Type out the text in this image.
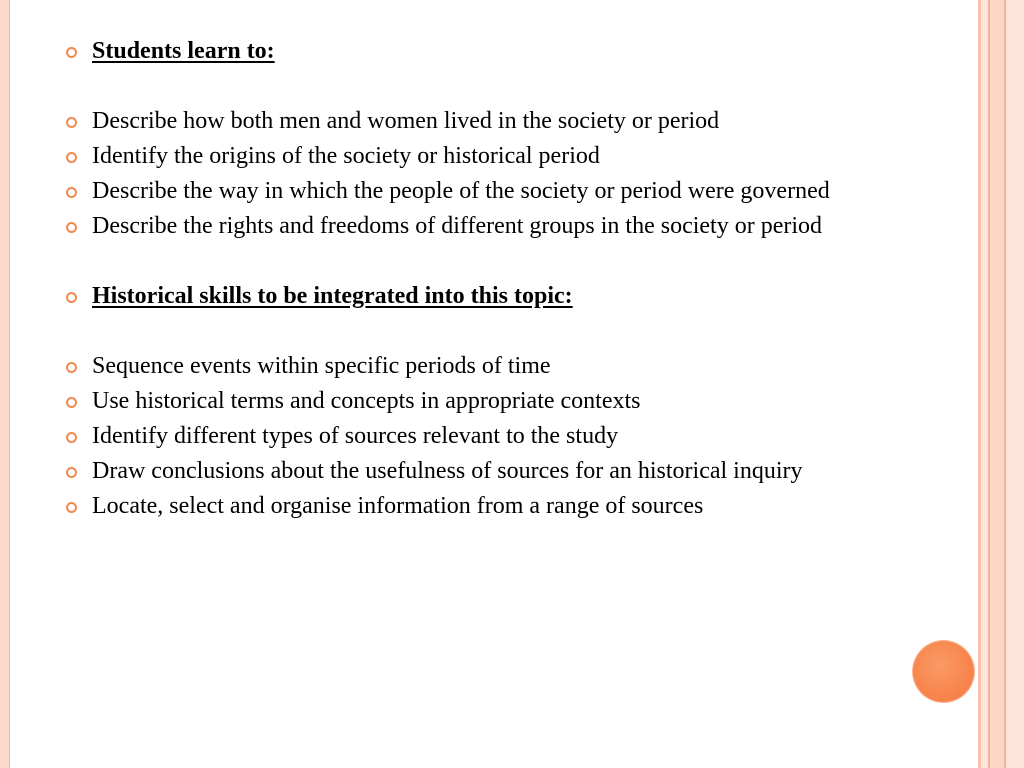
Students learn to:
Describe how both men and women lived in the society or period
Identify the origins of the society or historical period
Describe the way in which the people of the society or period were governed
Describe the rights and freedoms of different groups in the society or period
Historical skills to be integrated into this topic:
Sequence events within specific periods of time
Use historical terms and concepts in appropriate contexts
Identify different types of sources relevant to the study
Draw conclusions about the usefulness of sources for an historical inquiry
Locate, select and organise information from a range of sources
